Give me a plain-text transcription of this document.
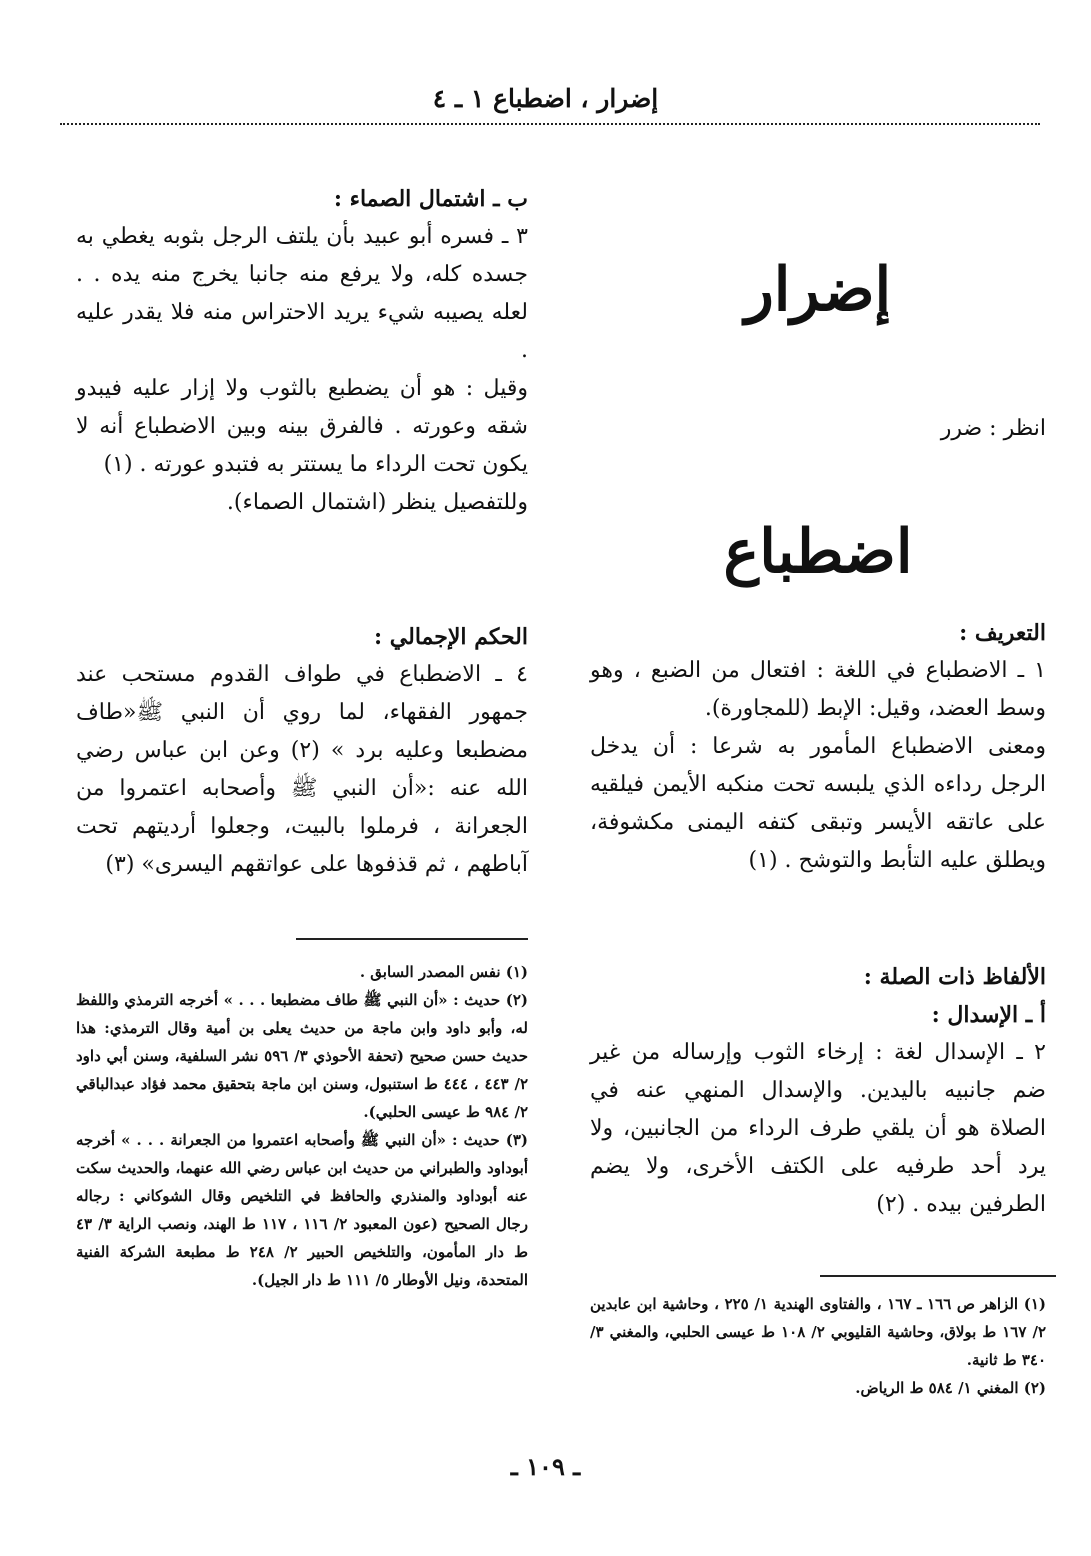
إضرار ، اضطباع ١ ـ ٤
إضرار

انظر : ضرر

اضطباع

التعريف :

١ ـ الاضطباع في اللغة : افتعال من الضبع ، وهو وسط العضد، وقيل: الإبط (للمجاورة).

ومعنى الاضطباع المأمور به شرعا : أن يدخل الرجل رداءه الذي يلبسه تحت منكبه الأيمن فيلقيه على عاتقه الأيسر وتبقى كتفه اليمنى مكشوفة، ويطلق عليه التأبط والتوشح . (١)

الألفاظ ذات الصلة :

أ ـ الإسدال :

٢ ـ الإسدال لغة : إرخاء الثوب وإرساله من غير ضم جانبيه باليدين. والإسدال المنهي عنه في الصلاة هو أن يلقي طرف الرداء من الجانبين، ولا يرد أحد طرفيه على الكتف الأخرى، ولا يضم الطرفين بيده . (٢)

(١) الزاهر ص ١٦٦ ـ ١٦٧ ، والفتاوى الهندية ١/ ٢٢٥ ، وحاشية ابن عابدين ٢/ ١٦٧ ط بولاق، وحاشية القليوبي ٢/ ١٠٨ ط عيسى الحلبي، والمغني ٣/ ٣٤٠ ط ثانية.

(٢) المغني ١/ ٥٨٤ ط الرياض.

ب ـ اشتمال الصماء :

٣ ـ فسره أبو عبيد بأن يلتف الرجل بثوبه يغطي به جسده كله، ولا يرفع منه جانبا يخرج منه يده . . لعله يصيبه شيء يريد الاحتراس منه فلا يقدر عليه .

وقيل : هو أن يضطبع بالثوب ولا إزار عليه فيبدو شقه وعورته . فالفرق بينه وبين الاضطباع أنه لا يكون تحت الرداء ما يستتر به فتبدو عورته . (١)

وللتفصيل ينظر (اشتمال الصماء).

الحكم الإجمالي :

٤ ـ الاضطباع في طواف القدوم مستحب عند جمهور الفقهاء، لما روي أن النبي ﷺ«طاف مضطبعا وعليه برد » (٢) وعن ابن عباس رضي الله عنه :«أن النبي ﷺ وأصحابه اعتمروا من الجعرانة ، فرملوا بالبيت، وجعلوا أرديتهم تحت آباطهم ، ثم قذفوها على عواتقهم اليسرى» (٣)

(١) نفس المصدر السابق .

(٢) حديث : «أن النبي ﷺ طاف مضطبعا . . . » أخرجه الترمذي واللفظ له، وأبو داود وابن ماجة من حديث يعلى بن أمية وقال الترمذي: هذا حديث حسن صحيح (تحفة الأحوذي ٣/ ٥٩٦ نشر السلفية، وسنن أبي داود ٢/ ٤٤٣ ، ٤٤٤ ط استنبول، وسنن ابن ماجة بتحقيق محمد فؤاد عبدالباقي ٢/ ٩٨٤ ط عيسى الحلبي).

(٣) حديث : «أن النبي ﷺ وأصحابه اعتمروا من الجعرانة . . . » أخرجه أبوداود والطبراني من حديث ابن عباس رضي الله عنهما، والحديث سكت عنه أبوداود والمنذري والحافظ في التلخيص وقال الشوكاني : رجاله رجال الصحيح (عون المعبود ٢/ ١١٦ ، ١١٧ ط الهند، ونصب الراية ٣/ ٤٣ ط دار المأمون، والتلخيص الحبير ٢/ ٢٤٨ ط مطبعة الشركة الفنية المتحدة، ونيل الأوطار ٥/ ١١١ ط دار الجيل).

ـ ١٠٩ ـ
